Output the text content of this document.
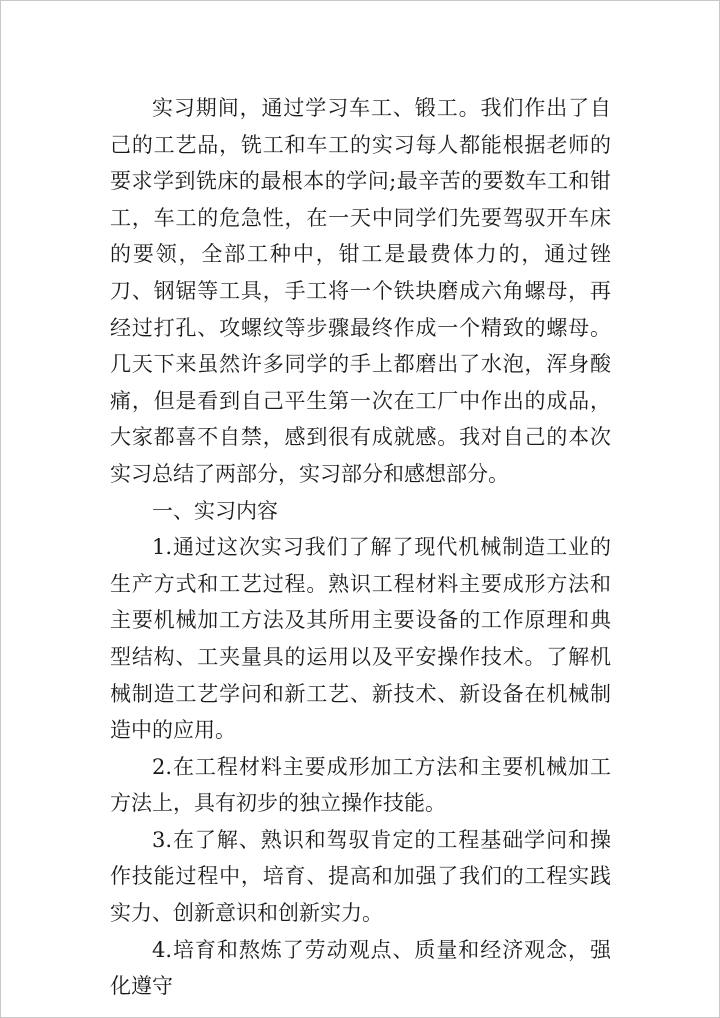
实习期间，通过学习车工、锻工。我们作出了自己的工艺品，铣工和车工的实习每人都能根据老师的要求学到铣床的最根本的学问;最辛苦的要数车工和钳工，车工的危急性，在一天中同学们先要驾驭开车床的要领，全部工种中，钳工是最费体力的，通过锉刀、钢锯等工具，手工将一个铁块磨成六角螺母，再经过打孔、攻螺纹等步骤最终作成一个精致的螺母。几天下来虽然许多同学的手上都磨出了水泡，浑身酸痛，但是看到自己平生第一次在工厂中作出的成品，大家都喜不自禁，感到很有成就感。我对自己的本次实习总结了两部分，实习部分和感想部分。

一、实习内容

1.通过这次实习我们了解了现代机械制造工业的生产方式和工艺过程。熟识工程材料主要成形方法和主要机械加工方法及其所用主要设备的工作原理和典型结构、工夹量具的运用以及平安操作技术。了解机械制造工艺学问和新工艺、新技术、新设备在机械制造中的应用。

2.在工程材料主要成形加工方法和主要机械加工方法上，具有初步的独立操作技能。

3.在了解、熟识和驾驭肯定的工程基础学问和操作技能过程中，培育、提高和加强了我们的工程实践实力、创新意识和创新实力。

4.培育和熬炼了劳动观点、质量和经济观念，强化遵守
